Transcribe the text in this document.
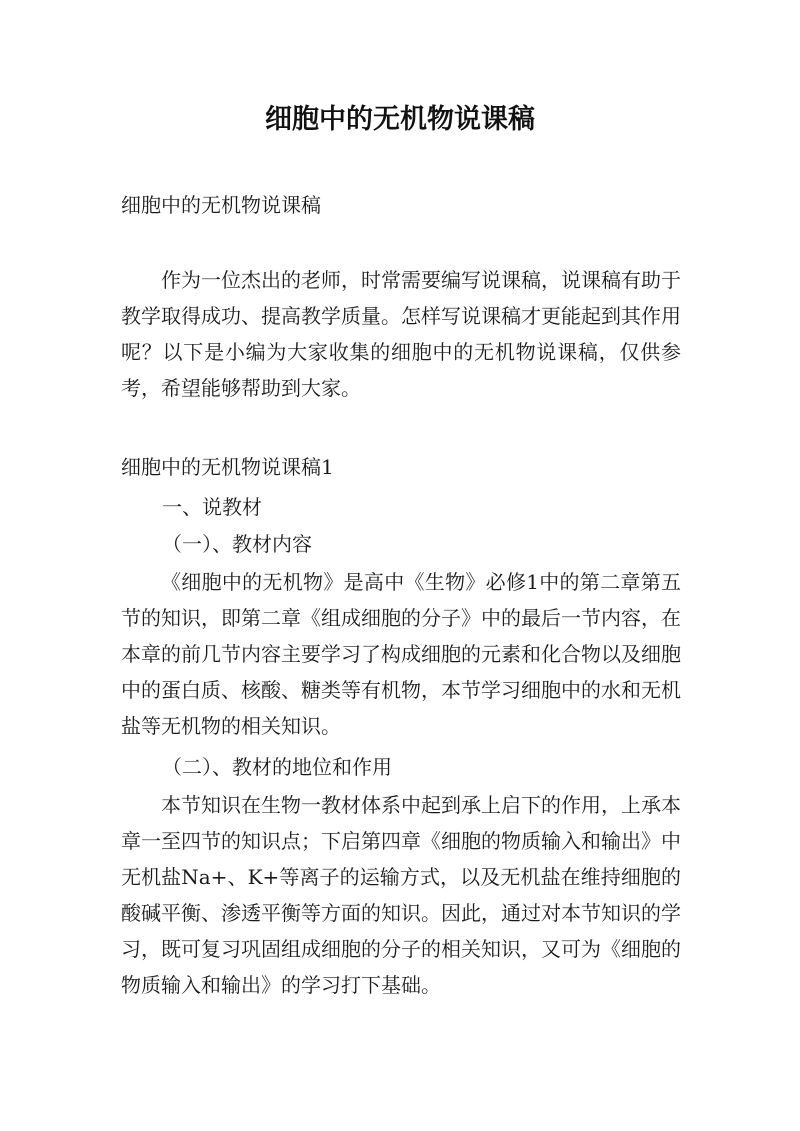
细胞中的无机物说课稿
细胞中的无机物说课稿

作为一位杰出的老师，时常需要编写说课稿，说课稿有助于教学取得成功、提高教学质量。怎样写说课稿才更能起到其作用呢？以下是小编为大家收集的细胞中的无机物说课稿，仅供参考，希望能够帮助到大家。

细胞中的无机物说课稿1
一、说教材
（一）、教材内容

《细胞中的无机物》是高中《生物》必修1中的第二章第五节的知识，即第二章《组成细胞的分子》中的最后一节内容，在本章的前几节内容主要学习了构成细胞的元素和化合物以及细胞中的蛋白质、核酸、糖类等有机物，本节学习细胞中的水和无机盐等无机物的相关知识。

（二）、教材的地位和作用

本节知识在生物一教材体系中起到承上启下的作用，上承本章一至四节的知识点；下启第四章《细胞的物质输入和输出》中无机盐Na+、K+等离子的运输方式，以及无机盐在维持细胞的酸碱平衡、渗透平衡等方面的知识。因此，通过对本节知识的学习，既可复习巩固组成细胞的分子的相关知识，又可为《细胞的物质输入和输出》的学习打下基础。
